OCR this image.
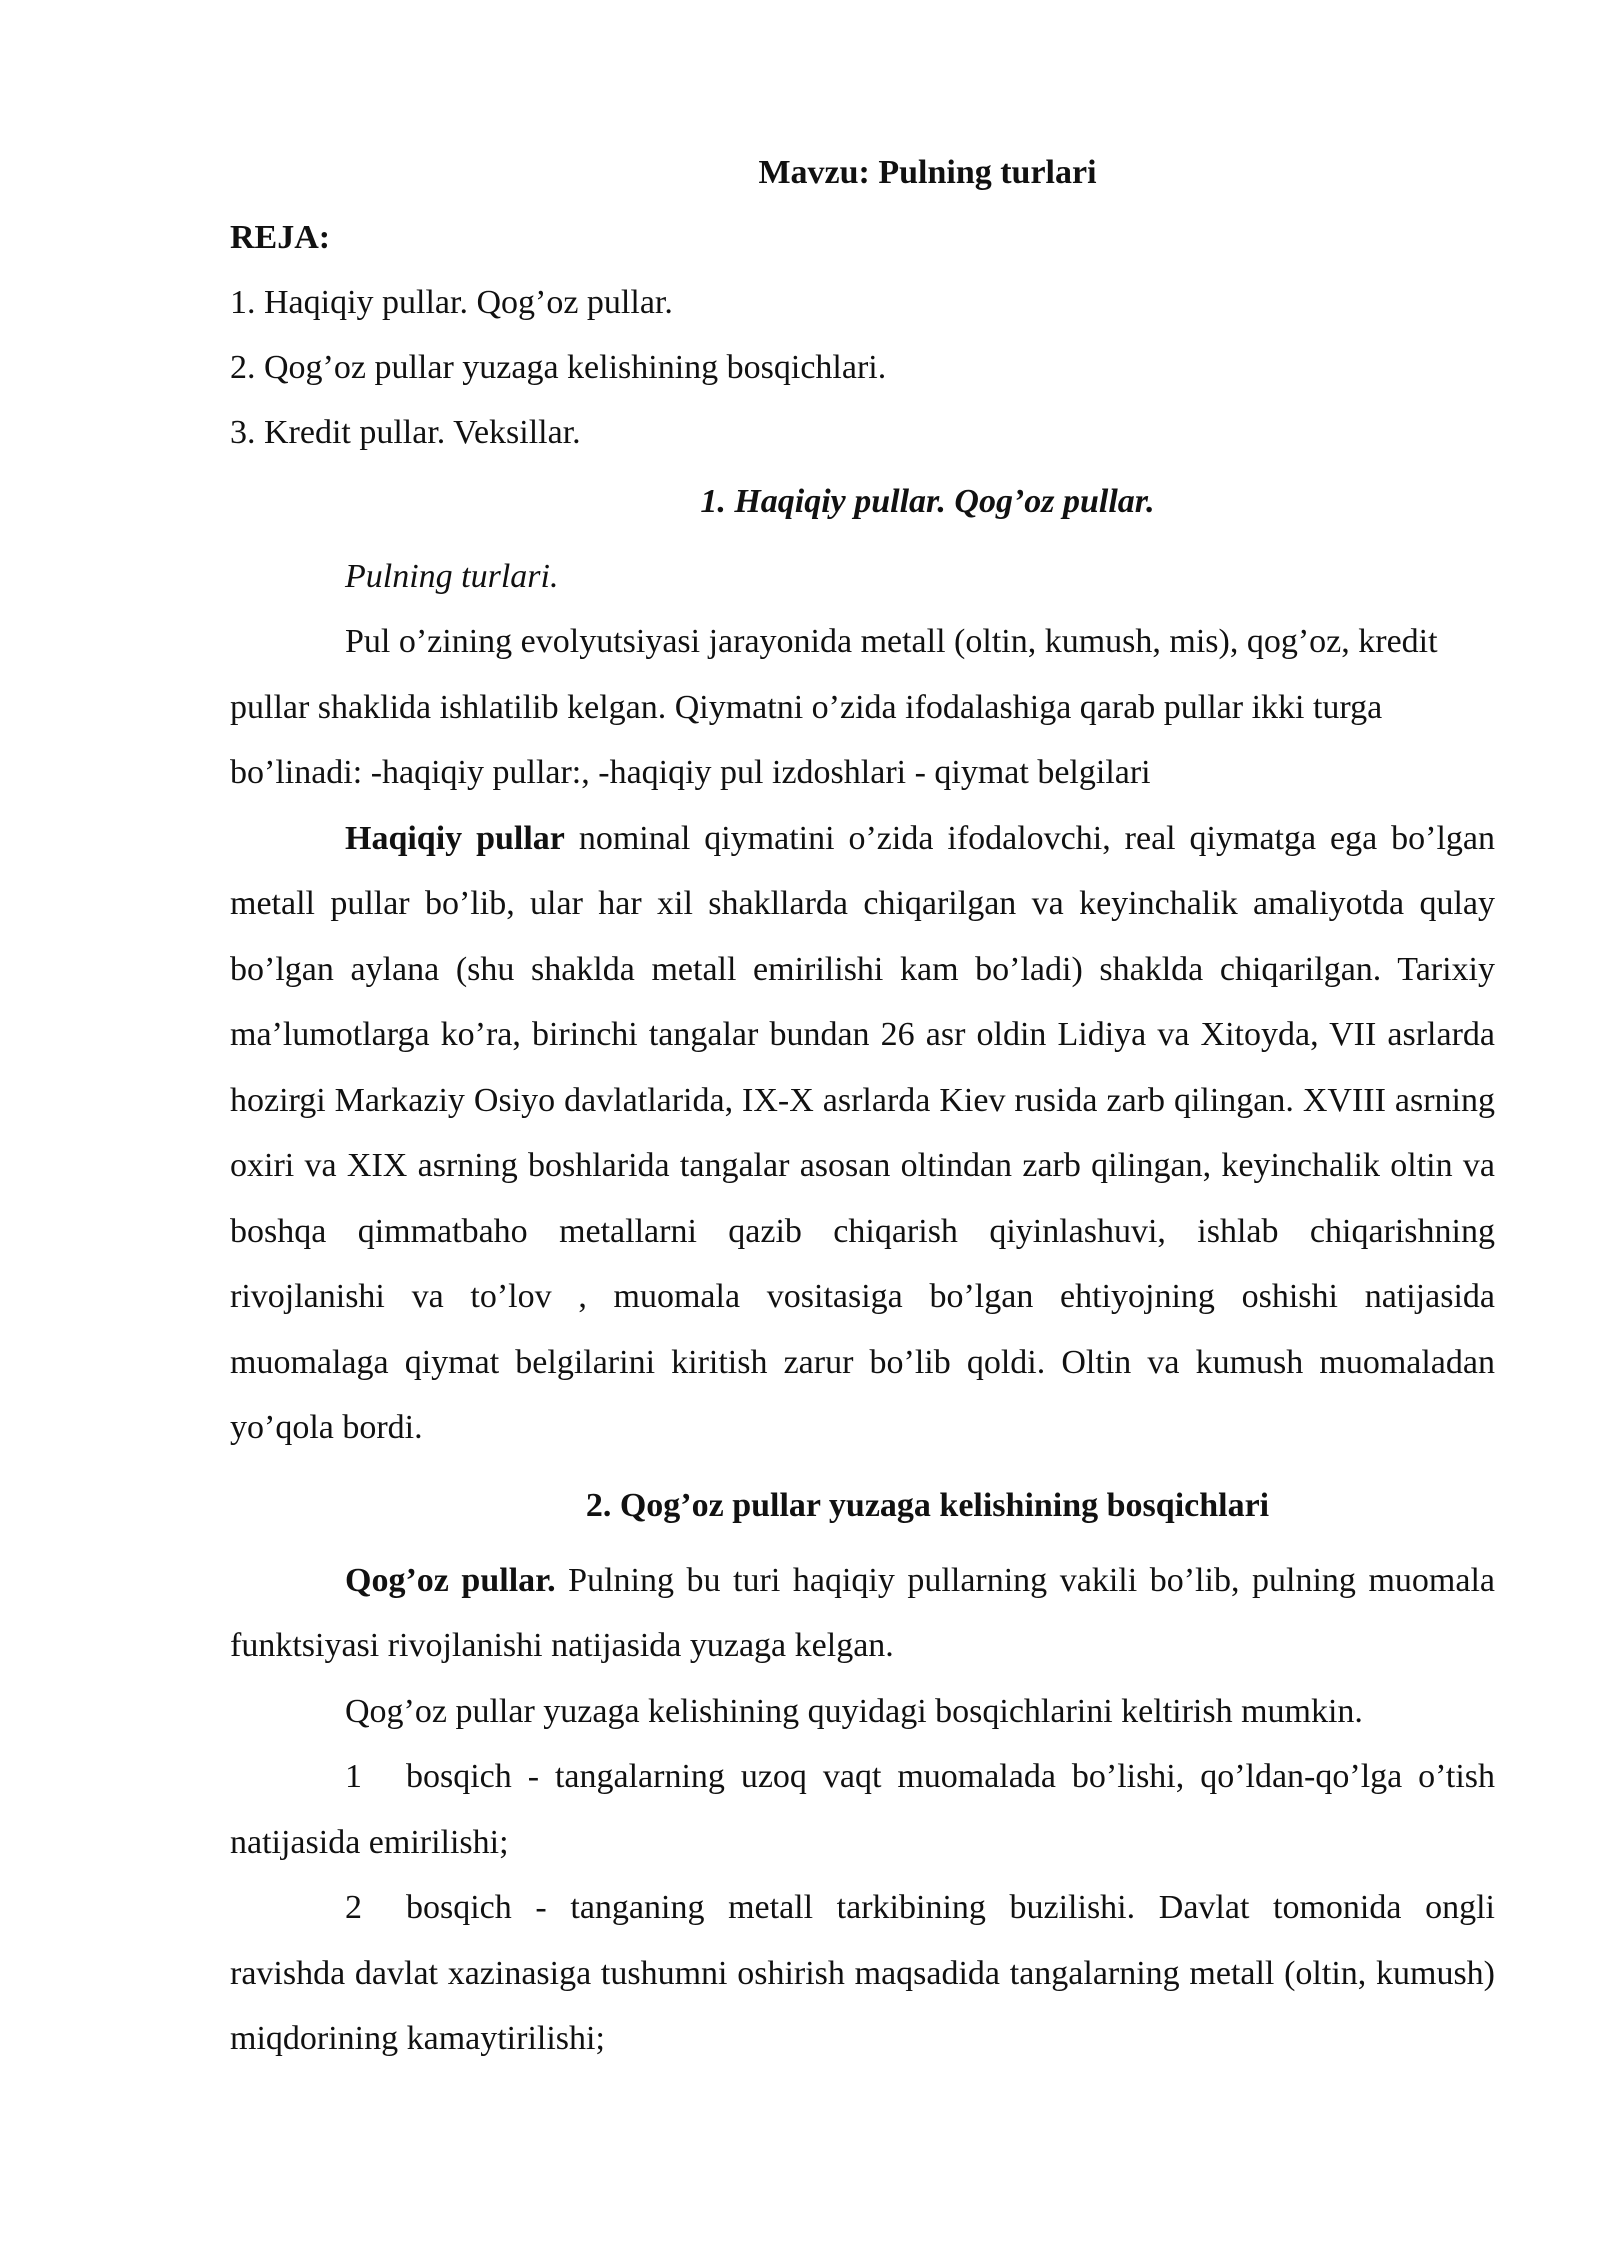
Mavzu: Pulning turlari

REJA:

1. Haqiqiy pullar. Qog’oz pullar.

2. Qog’oz pullar yuzaga kelishining bosqichlari.

3. Kredit pullar. Veksillar.

1. Haqiqiy pullar. Qog’oz pullar.

Pulning turlari.

Pul o’zining evolyutsiyasi jarayonida metall (oltin, kumush, mis), qog’oz, kredit pullar shaklida ishlatilib kelgan. Qiymatni o’zida ifodalashiga qarab pullar ikki turga bo’linadi: -haqiqiy pullar:, -haqiqiy pul izdoshlari - qiymat belgilari

Haqiqiy pullar nominal qiymatini o’zida ifodalovchi, real qiymatga ega bo’lgan metall pullar bo’lib, ular har xil shakllarda chiqarilgan va keyinchalik amaliyotda qulay bo’lgan aylana (shu shaklda metall emirilishi kam bo’ladi) shaklda chiqarilgan. Tarixiy ma’lumotlarga ko’ra, birinchi tangalar bundan 26 asr oldin Lidiya va Xitoyda, VII asrlarda hozirgi Markaziy Osiyo davlatlarida, IX-X asrlarda Kiev rusida zarb qilingan. XVIII asrning oxiri va XIX asrning boshlarida tangalar asosan oltindan zarb qilingan, keyinchalik oltin va boshqa qimmatbaho metallarni qazib chiqarish qiyinlashuvi, ishlab chiqarishning rivojlanishi va to’lov , muomala vositasiga bo’lgan ehtiyojning oshishi natijasida muomalaga qiymat belgilarini kiritish zarur bo’lib qoldi. Oltin va kumush muomaladan yo’qola bordi.

2. Qog’oz pullar yuzaga kelishining bosqichlari

Qog’oz pullar. Pulning bu turi haqiqiy pullarning vakili bo’lib, pulning muomala funktsiyasi rivojlanishi natijasida yuzaga kelgan.

Qog’oz pullar yuzaga kelishining quyidagi bosqichlarini keltirish mumkin.

1 bosqich - tangalarning uzoq vaqt muomalada bo’lishi, qo’ldan-qo’lga o’tish natijasida emirilishi;

2 bosqich - tanganing metall tarkibining buzilishi. Davlat tomonida ongli ravishda davlat xazinasiga tushumni oshirish maqsadida tangalarning metall (oltin, kumush) miqdorining kamaytirilishi;
